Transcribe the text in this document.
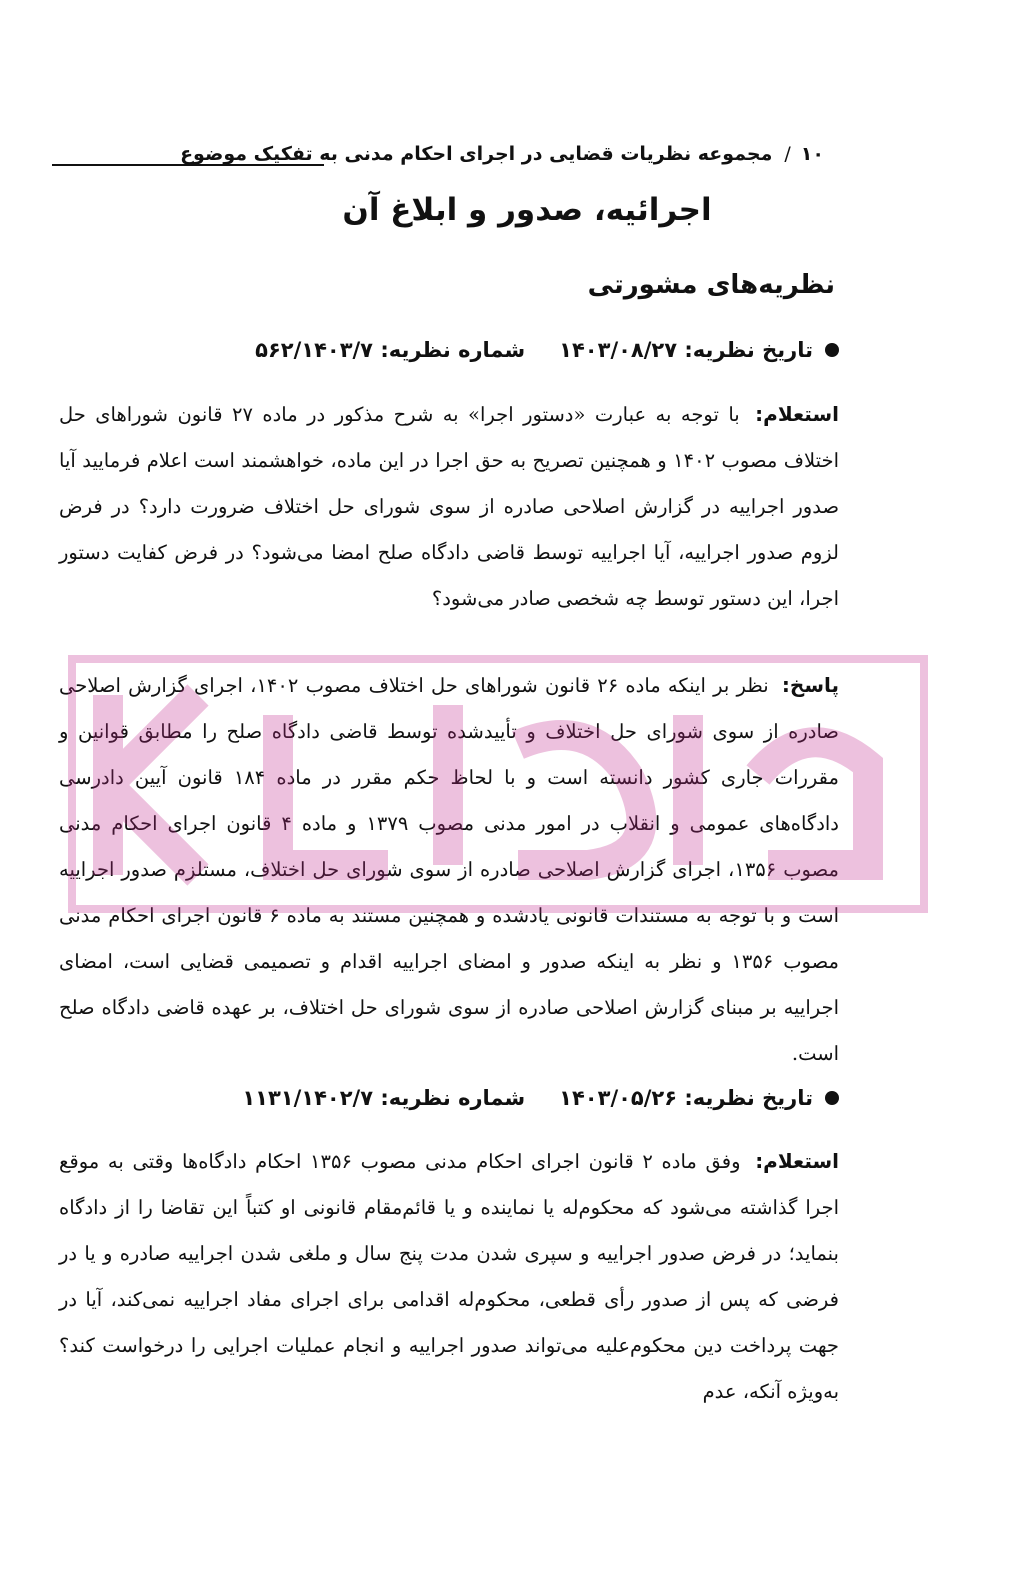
۱۰
/
مجموعه نظریات قضایی در اجرای احکام مدنی به تفکیک موضوع
اجرائیه، صدور و ابلاغ آن
نظریه‌های مشورتی
تاریخ نظریه:

۱۴۰۳/۰۸/۲۷
شماره نظریه:

۵۶۲/۱۴۰۳/۷
استعلام: با توجه به عبارت «دستور اجرا» به شرح مذکور در ماده ۲۷ قانون شوراهای حل اختلاف مصوب ۱۴۰۲ و همچنین تصریح به حق اجرا در این ماده، خواهشمند است اعلام فرمایید آیا صدور اجراییه در گزارش اصلاحی صادره از سوی شورای حل اختلاف ضرورت دارد؟ در فرض لزوم صدور اجراییه، آیا اجراییه توسط قاضی دادگاه صلح امضا می‌شود؟ در فرض کفایت دستور اجرا، این دستور توسط چه شخصی صادر می‌شود؟
پاسخ: نظر بر اینکه ماده ۲۶ قانون شوراهای حل اختلاف مصوب ۱۴۰۲، اجرای گزارش اصلاحی صادره از سوی شورای حل اختلاف و تأییدشده توسط قاضی دادگاه صلح را مطابق قوانین و مقررات جاری کشور دانسته است و با لحاظ حکم مقرر در ماده ۱۸۴ قانون آیین دادرسی دادگاه‌های عمومی و انقلاب در امور مدنی مصوب ۱۳۷۹ و ماده ۴ قانون اجرای احکام مدنی مصوب ۱۳۵۶، اجرای گزارش اصلاحی صادره از سوی شورای حل اختلاف، مستلزم صدور اجراییه است و با توجه به مستندات قانونی یادشده و همچنین مستند به ماده ۶ قانون اجرای احکام مدنی مصوب ۱۳۵۶ و نظر به اینکه صدور و امضای اجراییه اقدام و تصمیمی قضایی است، امضای اجراییه بر مبنای گزارش اصلاحی صادره از سوی شورای حل اختلاف، بر عهده قاضی دادگاه صلح است.
تاریخ نظریه:

۱۴۰۳/۰۵/۲۶
شماره نظریه:

۱۱۳۱/۱۴۰۲/۷
استعلام: وفق ماده ۲ قانون اجرای احکام مدنی مصوب ۱۳۵۶ احکام دادگاه‌ها وقتی به موقع اجرا گذاشته می‌شود که محکوم‌له یا نماینده و یا قائم‌مقام قانونی او کتباً این تقاضا را از دادگاه بنماید؛ در فرض صدور اجراییه و سپری شدن مدت پنج سال و ملغی شدن اجراییه صادره و یا در فرضی که پس از صدور رأی قطعی، محکوم‌له اقدامی برای اجرای مفاد اجراییه نمی‌کند، آیا در جهت پرداخت دین محکوم‌علیه می‌تواند صدور اجراییه و انجام عملیات اجرایی را درخواست کند؟ به‌ویژه آنکه، عدم
